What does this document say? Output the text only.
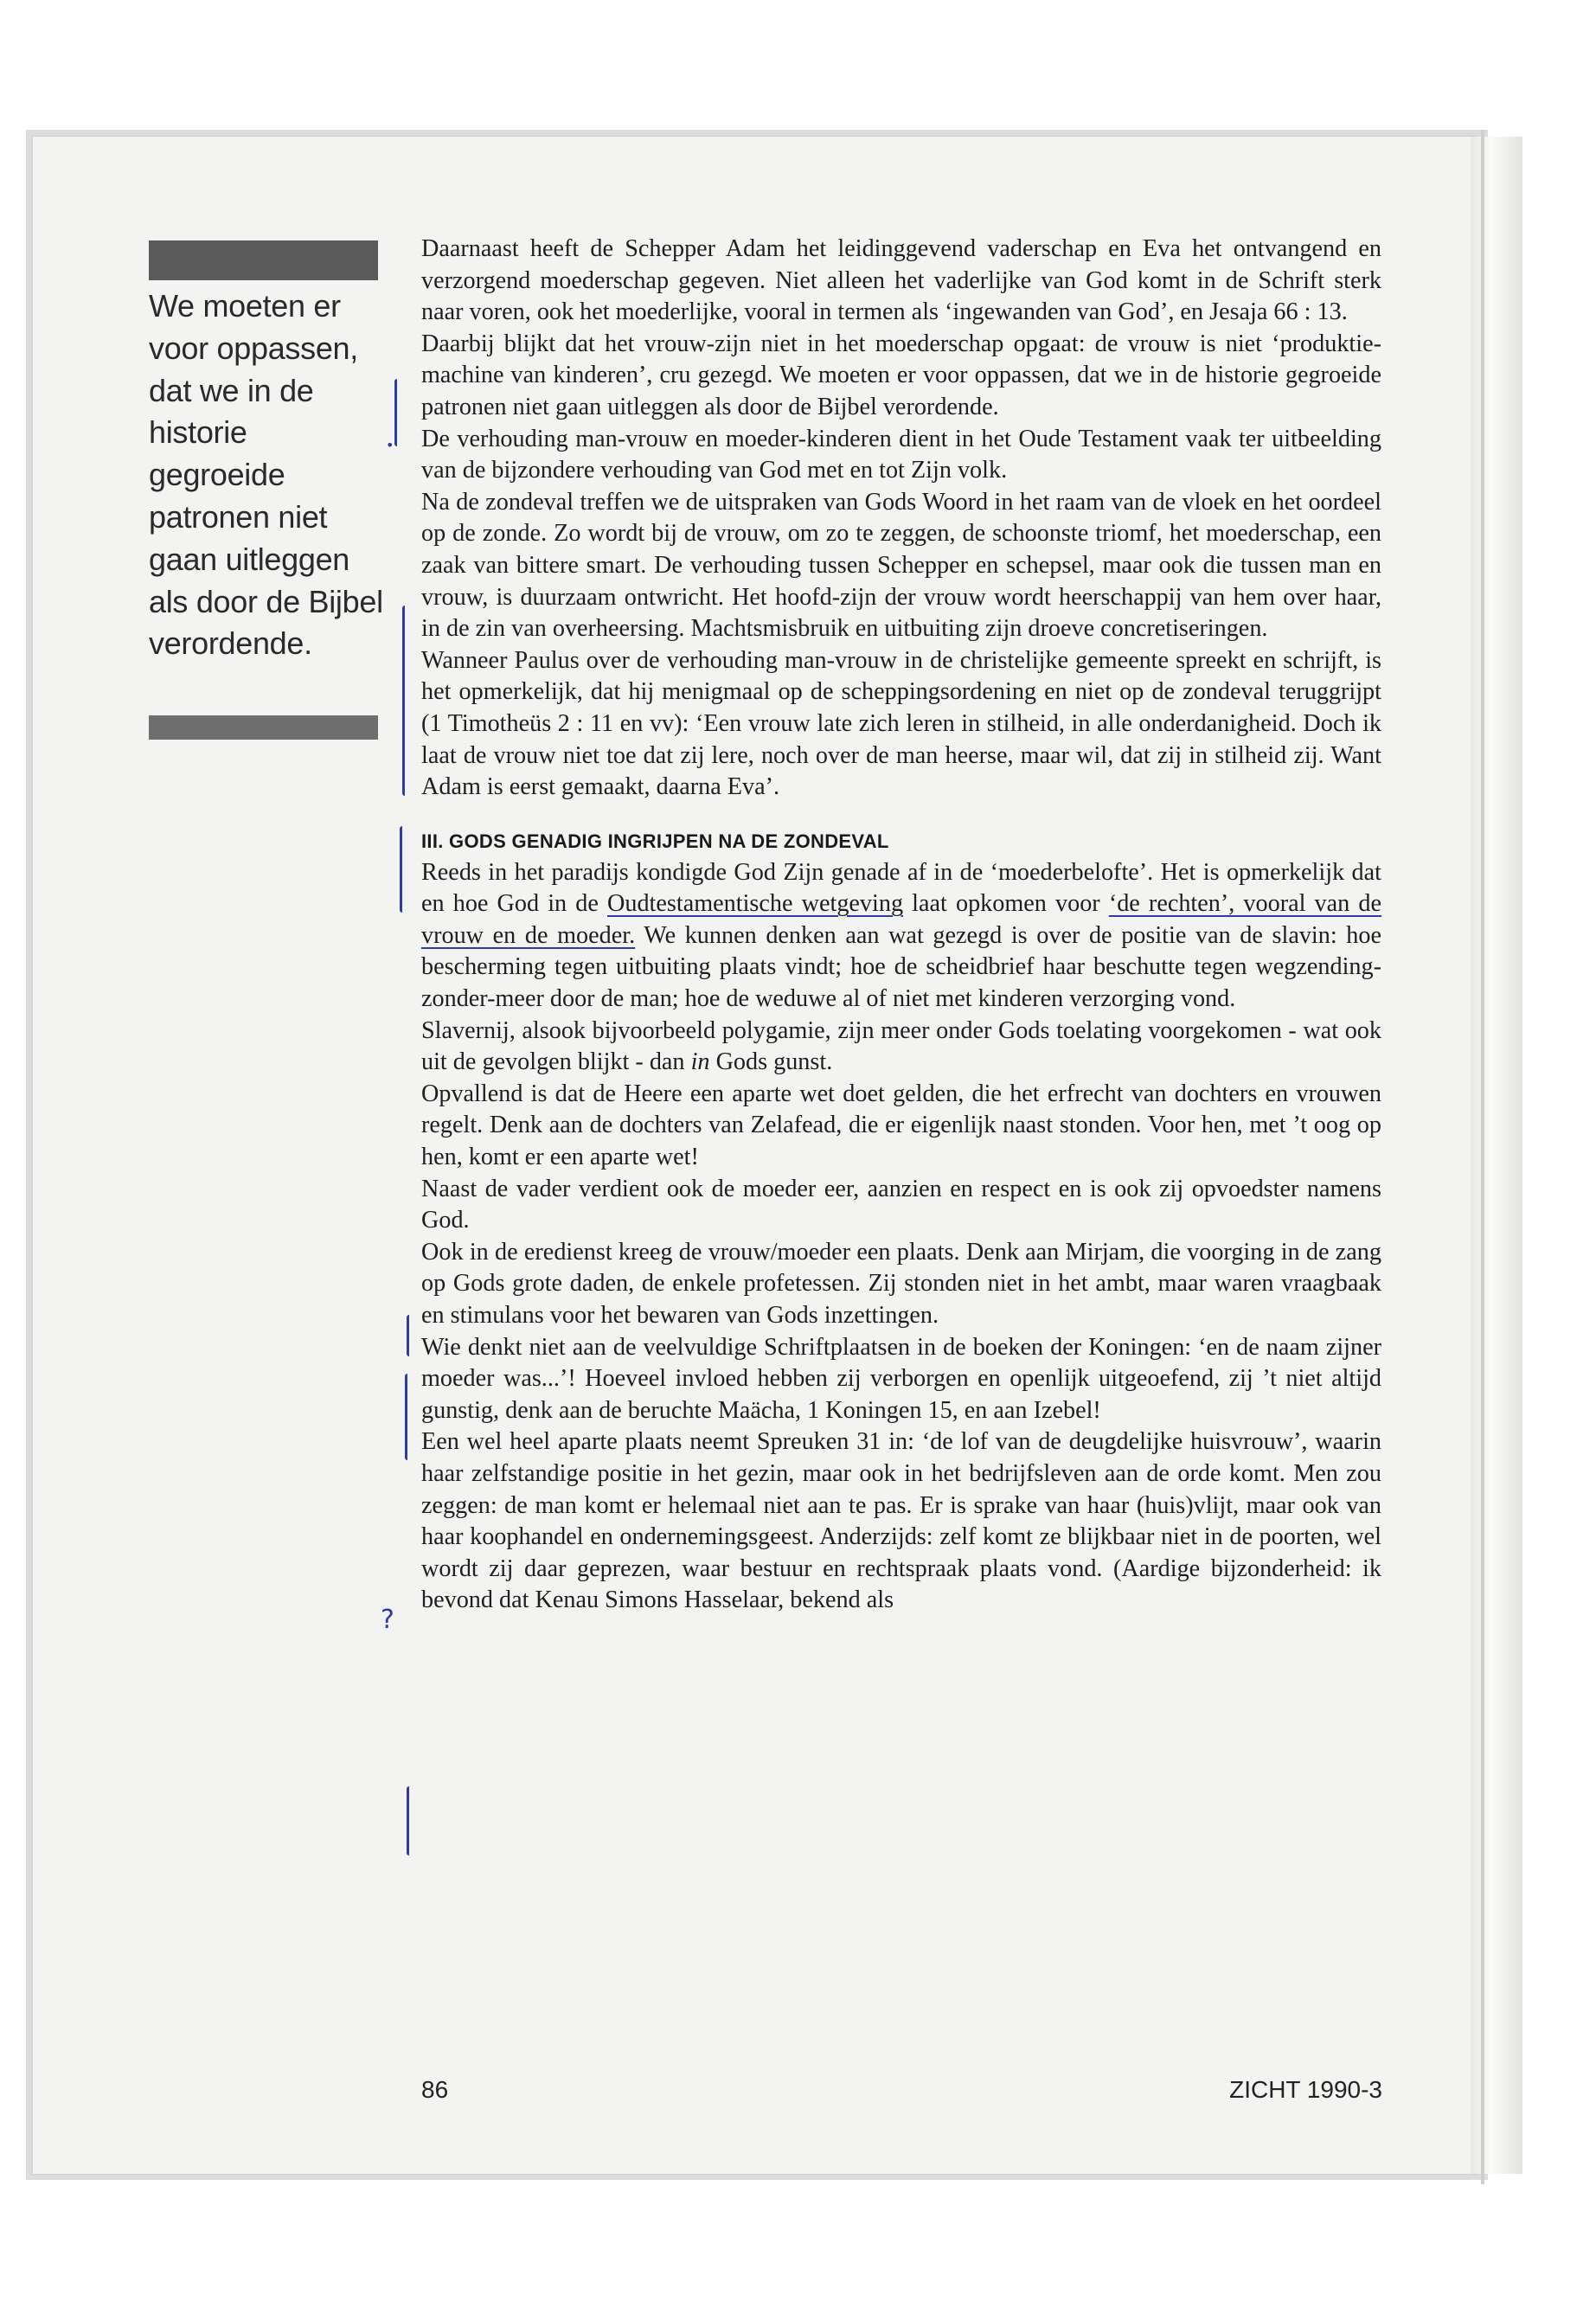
We moeten er voor oppassen, dat we in de historie gegroeide patronen niet gaan uitleggen als door de Bijbel verordende.

Daarnaast heeft de Schepper Adam het leidinggevend vaderschap en Eva het ontvangend en verzorgend moederschap gegeven. Niet alleen het vaderlijke van God komt in de Schrift sterk naar voren, ook het moederlijke, vooral in termen als ‘ingewanden van God’, en Jesaja 66 : 13.

Daarbij blijkt dat het vrouw-zijn niet in het moederschap opgaat: de vrouw is niet ‘produktie-machine van kinderen’, cru gezegd. We moeten er voor oppassen, dat we in de historie gegroeide patronen niet gaan uitleggen als door de Bijbel verordende.

De verhouding man-vrouw en moeder-kinderen dient in het Oude Testament vaak ter uitbeelding van de bijzondere verhouding van God met en tot Zijn volk.

Na de zondeval treffen we de uitspraken van Gods Woord in het raam van de vloek en het oordeel op de zonde. Zo wordt bij de vrouw, om zo te zeggen, de schoonste triomf, het moederschap, een zaak van bittere smart. De verhouding tussen Schepper en schepsel, maar ook die tussen man en vrouw, is duurzaam ontwricht. Het hoofd-zijn der vrouw wordt heerschappij van hem over haar, in de zin van overheersing. Machtsmisbruik en uitbuiting zijn droeve concretiseringen.

Wanneer Paulus over de verhouding man-vrouw in de christelijke gemeente spreekt en schrijft, is het opmerkelijk, dat hij menigmaal op de scheppingsordening en niet op de zondeval teruggrijpt (1 Timotheüs 2 : 11 en vv): ‘Een vrouw late zich leren in stilheid, in alle onderdanigheid. Doch ik laat de vrouw niet toe dat zij lere, noch over de man heerse, maar wil, dat zij in stilheid zij. Want Adam is eerst gemaakt, daarna Eva’.

III. GODS GENADIG INGRIJPEN NA DE ZONDEVAL

Reeds in het paradijs kondigde God Zijn genade af in de ‘moederbelofte’. Het is opmerkelijk dat en hoe God in de Oudtestamentische wetgeving laat opkomen voor ‘de rechten’, vooral van de vrouw en de moeder. We kunnen denken aan wat gezegd is over de positie van de slavin: hoe bescherming tegen uitbuiting plaats vindt; hoe de scheidbrief haar beschutte tegen wegzending-zonder-meer door de man; hoe de weduwe al of niet met kinderen verzorging vond.

Slavernij, alsook bijvoorbeeld polygamie, zijn meer onder Gods toelating voorgekomen - wat ook uit de gevolgen blijkt - dan in Gods gunst.

Opvallend is dat de Heere een aparte wet doet gelden, die het erfrecht van dochters en vrouwen regelt. Denk aan de dochters van Zelafead, die er eigenlijk naast stonden. Voor hen, met ’t oog op hen, komt er een aparte wet!

Naast de vader verdient ook de moeder eer, aanzien en respect en is ook zij opvoedster namens God.

Ook in de eredienst kreeg de vrouw/moeder een plaats. Denk aan Mirjam, die voorging in de zang op Gods grote daden, de enkele profetessen. Zij stonden niet in het ambt, maar waren vraagbaak en stimulans voor het bewaren van Gods inzettingen.

Wie denkt niet aan de veelvuldige Schriftplaatsen in de boeken der Koningen: ‘en de naam zijner moeder was...’! Hoeveel invloed hebben zij verborgen en openlijk uitgeoefend, zij ’t niet altijd gunstig, denk aan de beruchte Maächa, 1 Koningen 15, en aan Izebel!

Een wel heel aparte plaats neemt Spreuken 31 in: ‘de lof van de deugdelijke huisvrouw’, waarin haar zelfstandige positie in het gezin, maar ook in het bedrijfsleven aan de orde komt. Men zou zeggen: de man komt er helemaal niet aan te pas. Er is sprake van haar (huis)vlijt, maar ook van haar koophandel en ondernemingsgeest. Anderzijds: zelf komt ze blijkbaar niet in de poorten, wel wordt zij daar geprezen, waar bestuur en rechtspraak plaats vond. (Aardige bijzonderheid: ik bevond dat Kenau Simons Hasselaar, bekend als

•
?
86	ZICHT 1990-3
